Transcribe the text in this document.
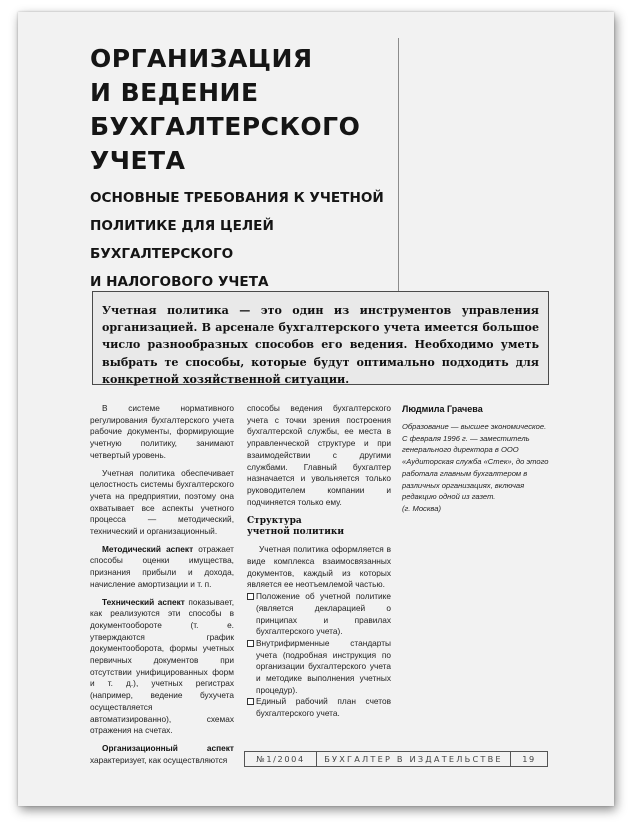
ОРГАНИЗАЦИЯ
И ВЕДЕНИЕ
БУХГАЛТЕРСКОГО
УЧЕТА
ОСНОВНЫЕ ТРЕБОВАНИЯ К УЧЕТНОЙ
ПОЛИТИКЕ ДЛЯ ЦЕЛЕЙ БУХГАЛТЕРСКОГО
И НАЛОГОВОГО УЧЕТА
Учетная политика — это один из инструментов управления организацией. В арсенале бухгалтерского учета имеется большое число разнообразных способов его ведения. Необходимо уметь выбрать те способы, которые будут оптимально подходить для конкретной хозяйственной ситуации.

В системе нормативного регулирования бухгалтерского учета рабочие документы, формирующие учетную политику, занимают четвертый уровень.

Учетная политика обеспечивает целостность системы бухгалтерского учета на предприятии, поэтому она охватывает все аспекты учетного процесса — методический, технический и организационный.

Методический аспект отражает способы оценки имущества, признания прибыли и дохода, начисление амортизации и т. п.

Технический аспект показывает, как реализуются эти способы в документообороте (т. е. утверждаются график документооборота, формы учетных первичных документов при отсутствии унифицированных форм и т. д.), учетных регистрах (например, ведение бухучета осуществляется автоматизированно), схемах отражения на счетах.

Организационный аспект характеризует, как осуществляются

способы ведения бухгалтерского учета с точки зрения построения бухгалтерской службы, ее места в управленческой структуре и при взаимодействии с другими службами. Главный бухгалтер назначается и увольняется только руководителем компании и подчиняется только ему.

Структура
учетной политики

Учетная политика оформляется в виде комплекса взаимосвязанных документов, каждый из которых является ее неотъемлемой частью.

Положение об учетной политике (является декларацией о принципах и правилах бухгалтерского учета).
Внутрифирменные стандарты учета (подробная инструкция по организации бухгалтерского учета и методике выполнения учетных процедур).
Единый рабочий план счетов бухгалтерского учета.
Людмила Грачева
Образование — высшее экономическое. С февраля 1996 г. — заместитель генерального директора в ООО «Аудиторская служба «Стек», до этого работала главным бухгалтером в различных организациях, включая редакцию одной из газет.
(г. Москва)
№1/2004	БУХГАЛТЕР В ИЗДАТЕЛЬСТВЕ	19
